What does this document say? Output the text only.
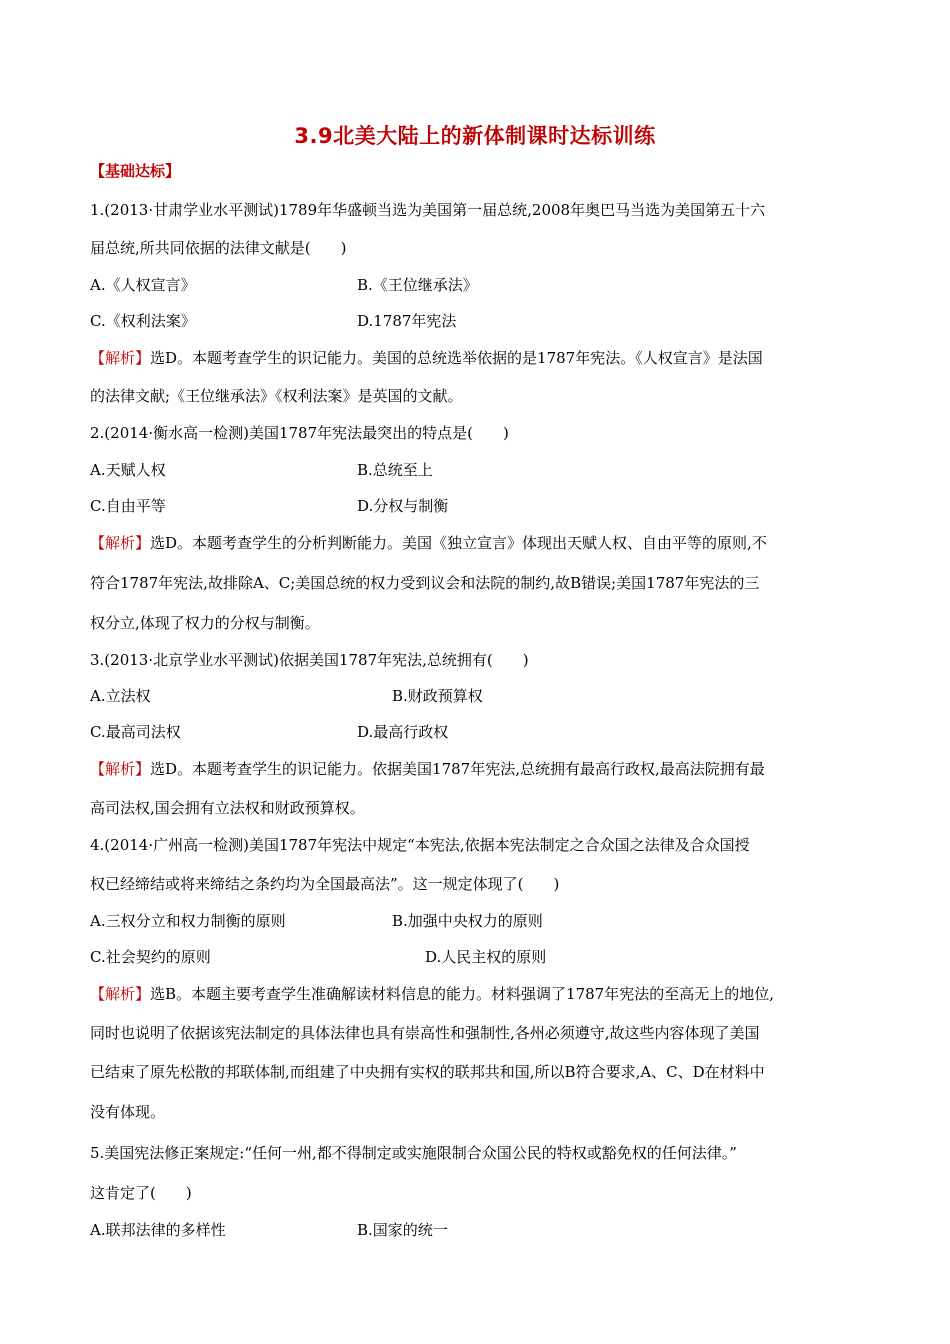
3.9北美大陆上的新体制课时达标训练
【基础达标】
1.(2013·甘肃学业水平测试)1789年华盛顿当选为美国第一届总统,2008年奥巴马当选为美国第五十六
届总统,所共同依据的法律文献是(　　)
A.《人权宣言》	B.《王位继承法》
C.《权利法案》	D.1787年宪法
【解析】选D。本题考查学生的识记能力。美国的总统选举依据的是1787年宪法。《人权宣言》是法国
的法律文献;《王位继承法》《权利法案》是英国的文献。
2.(2014·衡水高一检测)美国1787年宪法最突出的特点是(　　)
A.天赋人权	B.总统至上
C.自由平等	D.分权与制衡
【解析】选D。本题考查学生的分析判断能力。美国《独立宣言》体现出天赋人权、自由平等的原则,不
符合1787年宪法,故排除A、C;美国总统的权力受到议会和法院的制约,故B错误;美国1787年宪法的三
权分立,体现了权力的分权与制衡。
3.(2013·北京学业水平测试)依据美国1787年宪法,总统拥有(　　)
A.立法权	B.财政预算权
C.最高司法权	D.最高行政权
【解析】选D。本题考查学生的识记能力。依据美国1787年宪法,总统拥有最高行政权,最高法院拥有最
高司法权,国会拥有立法权和财政预算权。
4.(2014·广州高一检测)美国1787年宪法中规定“本宪法,依据本宪法制定之合众国之法律及合众国授
权已经缔结或将来缔结之条约均为全国最高法”。这一规定体现了(　　)
A.三权分立和权力制衡的原则	B.加强中央权力的原则
C.社会契约的原则	D.人民主权的原则
【解析】选B。本题主要考查学生准确解读材料信息的能力。材料强调了1787年宪法的至高无上的地位,
同时也说明了依据该宪法制定的具体法律也具有崇高性和强制性,各州必须遵守,故这些内容体现了美国
已结束了原先松散的邦联体制,而组建了中央拥有实权的联邦共和国,所以B符合要求,A、C、D在材料中
没有体现。
5.美国宪法修正案规定:“任何一州,都不得制定或实施限制合众国公民的特权或豁免权的任何法律。”
这肯定了(　　)
A.联邦法律的多样性	B.国家的统一
